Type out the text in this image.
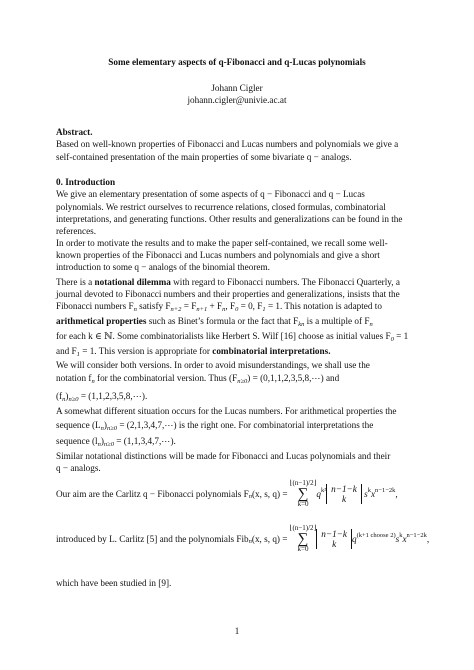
Some elementary aspects of q-Fibonacci and q-Lucas polynomials
Johann Cigler
johann.cigler@univie.ac.at
Abstract.
Based on well-known properties of Fibonacci and Lucas numbers and polynomials we give a
self-contained presentation of the main properties of some bivariate q − analogs.
0. Introduction
We give an elementary presentation of some aspects of q − Fibonacci and q − Lucas
polynomials. We restrict ourselves to recurrence relations, closed formulas, combinatorial
interpretations, and generating functions. Other results and generalizations can be found in the
references.
In order to motivate the results and to make the paper self-contained, we recall some well-
known properties of the Fibonacci and Lucas numbers and polynomials and give a short
introduction to some q − analogs of the binomial theorem.
There is a notational dilemma with regard to Fibonacci numbers. The Fibonacci Quarterly, a
journal devoted to Fibonacci numbers and their properties and generalizations, insists that the
Fibonacci numbers $F_n$ satisfy $F_{n+2} = F_{n+1} + F_n$, $F_0 = 0$, $F_1 = 1$. This notation is adapted to
arithmetical properties such as Binet’s formula or the fact that $F_{kn}$ is a multiple of $F_n$
for each k ∈ ℕ. Some combinatorialists like Herbert S. Wilf [16] choose as initial values $F_0 = 1$
and $F_1 = 1$. This version is appropriate for combinatorial interpretations.
We will consider both versions. In order to avoid misunderstandings, we shall use the
notation $f_n$ for the combinatorial version. Thus $(F_{n\ge 0})$ = (0,1,1,2,3,5,8,⋯) and
$(f_n)_{n\ge 0}$ = (1,1,2,3,5,8,⋯).
A somewhat different situation occurs for the Lucas numbers. For arithmetical properties the
sequence $(L_n)_{n\ge 0}$ = (2,1,3,4,7,⋯) is the right one. For combinatorial interpretations the
sequence $(l_n)_{n\ge 0}$ = (1,1,3,4,7,⋯).
Similar notational distinctions will be made for Fibonacci and Lucas polynomials and their
q − analogs.
Our aim are the Carlitz q − Fibonacci polynomials $F_n(x$, s, q) = ⌊(n−1)/2⌋
∑
$k=0q^{k^2}$ n−1−k
k $s^kx^{n-1-2k}$,
introduced by L. Carlitz [5] and the polynomials Fib$_n$(x, s, q) = ⌊(n−1)/2⌋
∑
k=0n−1−k
k $q^{(k+1 choose 2)}s^kx^{n-1-2k}$,
which have been studied in [9].
1
